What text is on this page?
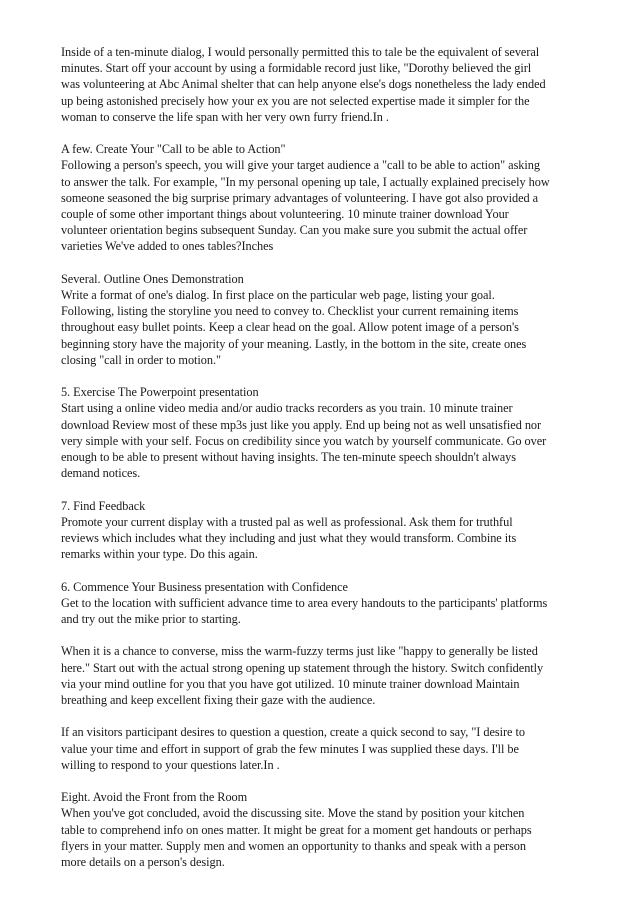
Inside of a ten-minute dialog, I would personally permitted this to tale be the equivalent of several
minutes. Start off your account by using a formidable record just like, "Dorothy believed the girl
was volunteering at Abc Animal shelter that can help anyone else's dogs nonetheless the lady ended
up being astonished precisely how your ex you are not selected expertise made it simpler for the
woman to conserve the life span with her very own furry friend.In .
A few. Create Your "Call to be able to Action"
Following a person's speech, you will give your target audience a "call to be able to action" asking
to answer the talk. For example, "In my personal opening up tale, I actually explained precisely how
someone seasoned the big surprise primary advantages of volunteering. I have got also provided a
couple of some other important things about volunteering. 10 minute trainer download Your
volunteer orientation begins subsequent Sunday. Can you make sure you submit the actual offer
varieties We've added to ones tables?Inches
Several. Outline Ones Demonstration
Write a format of one's dialog. In first place on the particular web page, listing your goal.
Following, listing the storyline you need to convey to. Checklist your current remaining items
throughout easy bullet points. Keep a clear head on the goal. Allow potent image of a person's
beginning story have the majority of your meaning. Lastly, in the bottom in the site, create ones
closing "call in order to motion."
5. Exercise The Powerpoint presentation
Start using a online video media and/or audio tracks recorders as you train. 10 minute trainer
download Review most of these mp3s just like you apply. End up being not as well unsatisfied nor
very simple with your self. Focus on credibility since you watch by yourself communicate. Go over
enough to be able to present without having insights. The ten-minute speech shouldn't always
demand notices.
7. Find Feedback
Promote your current display with a trusted pal as well as professional. Ask them for truthful
reviews which includes what they including and just what they would transform. Combine its
remarks within your type. Do this again.
6. Commence Your Business presentation with Confidence
Get to the location with sufficient advance time to area every handouts to the participants' platforms
and try out the mike prior to starting.
When it is a chance to converse, miss the warm-fuzzy terms just like "happy to generally be listed
here." Start out with the actual strong opening up statement through the history. Switch confidently
via your mind outline for you that you have got utilized. 10 minute trainer download Maintain
breathing and keep excellent fixing their gaze with the audience.
If an visitors participant desires to question a question, create a quick second to say, "I desire to
value your time and effort in support of grab the few minutes I was supplied these days. I'll be
willing to respond to your questions later.In .
Eight. Avoid the Front from the Room
When you've got concluded, avoid the discussing site. Move the stand by position your kitchen
table to comprehend info on ones matter. It might be great for a moment get handouts or perhaps
flyers in your matter. Supply men and women an opportunity to thanks and speak with a person
more details on a person's design.
